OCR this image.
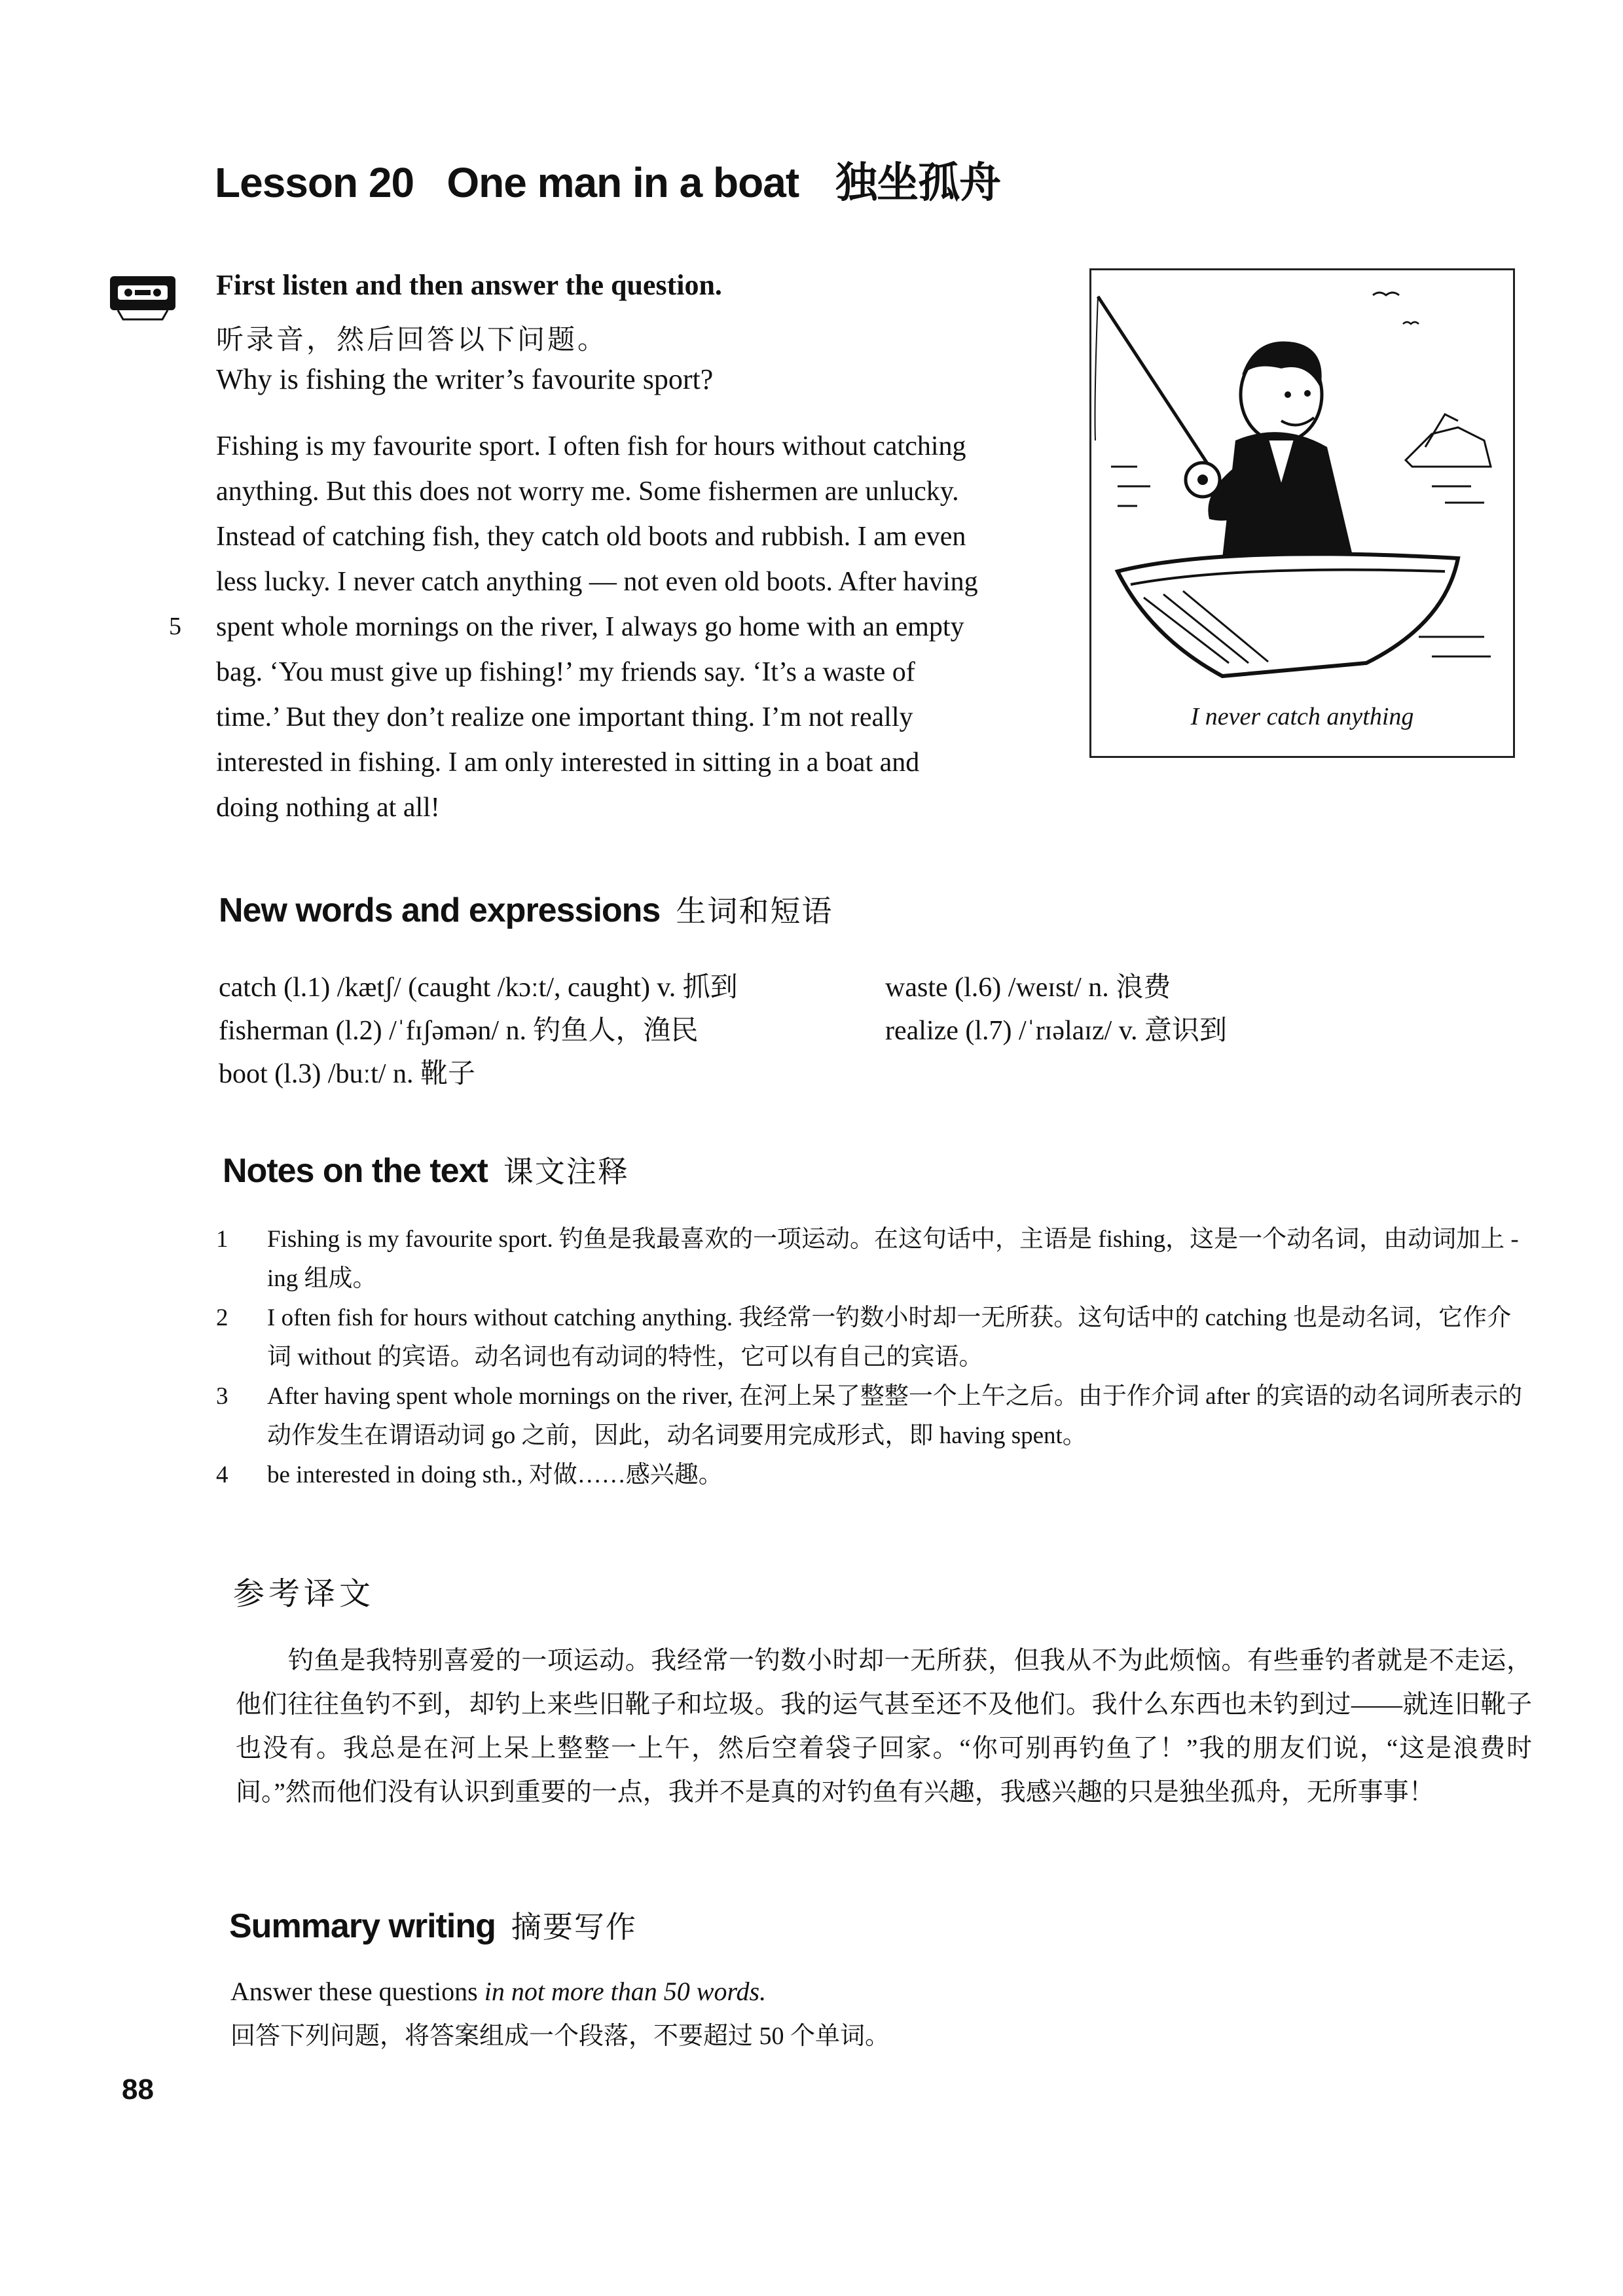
Lesson 20   One man in a boat 独坐孤舟
First listen and then answer the question.
听录音，然后回答以下问题。
Why is fishing the writer’s favourite sport?
Fishing is my favourite sport. I often fish for hours without catching
anything. But this does not worry me. Some fishermen are unlucky.
Instead of catching fish, they catch old boots and rubbish. I am even
less lucky. I never catch anything — not even old boots. After having
spent whole mornings on the river, I always go home with an empty
bag. ‘You must give up fishing!’ my friends say. ‘It’s a waste of
time.’ But they don’t realize one important thing. I’m not really
interested in fishing. I am only interested in sitting in a boat and
doing nothing at all!
5
I never catch anything
New words and expressions 生词和短语
catch (l.1) /kætʃ/ (caught /kɔːt/, caught) v. 抓到
fisherman (l.2) /ˈfɪʃəmən/ n. 钓鱼人，渔民
boot (l.3) /buːt/ n. 靴子
waste (l.6) /weɪst/ n. 浪费
realize (l.7) /ˈrɪəlaɪz/ v. 意识到
Notes on the text 课文注释
1 Fishing is my favourite sport. 钓鱼是我最喜欢的一项运动。在这句话中，主语是 fishing，这是一个动名词，由动词加上 -ing 组成。
2 I often fish for hours without catching anything. 我经常一钓数小时却一无所获。这句话中的 catching 也是动名词，它作介词 without 的宾语。动名词也有动词的特性，它可以有自己的宾语。
3 After having spent whole mornings on the river, 在河上呆了整整一个上午之后。由于作介词 after 的宾语的动名词所表示的动作发生在谓语动词 go 之前，因此，动名词要用完成形式，即 having spent。
4 be interested in doing sth., 对做……感兴趣。
参考译文
钓鱼是我特别喜爱的一项运动。我经常一钓数小时却一无所获，但我从不为此烦恼。有些垂钓者就是不走运，他们往往鱼钓不到，却钓上来些旧靴子和垃圾。我的运气甚至还不及他们。我什么东西也未钓到过——就连旧靴子也没有。我总是在河上呆上整整一上午，然后空着袋子回家。“你可别再钓鱼了！”我的朋友们说，“这是浪费时间。”然而他们没有认识到重要的一点，我并不是真的对钓鱼有兴趣，我感兴趣的只是独坐孤舟，无所事事！
Summary writing 摘要写作
Answer these questions in not more than 50 words.
回答下列问题，将答案组成一个段落，不要超过 50 个单词。
88
